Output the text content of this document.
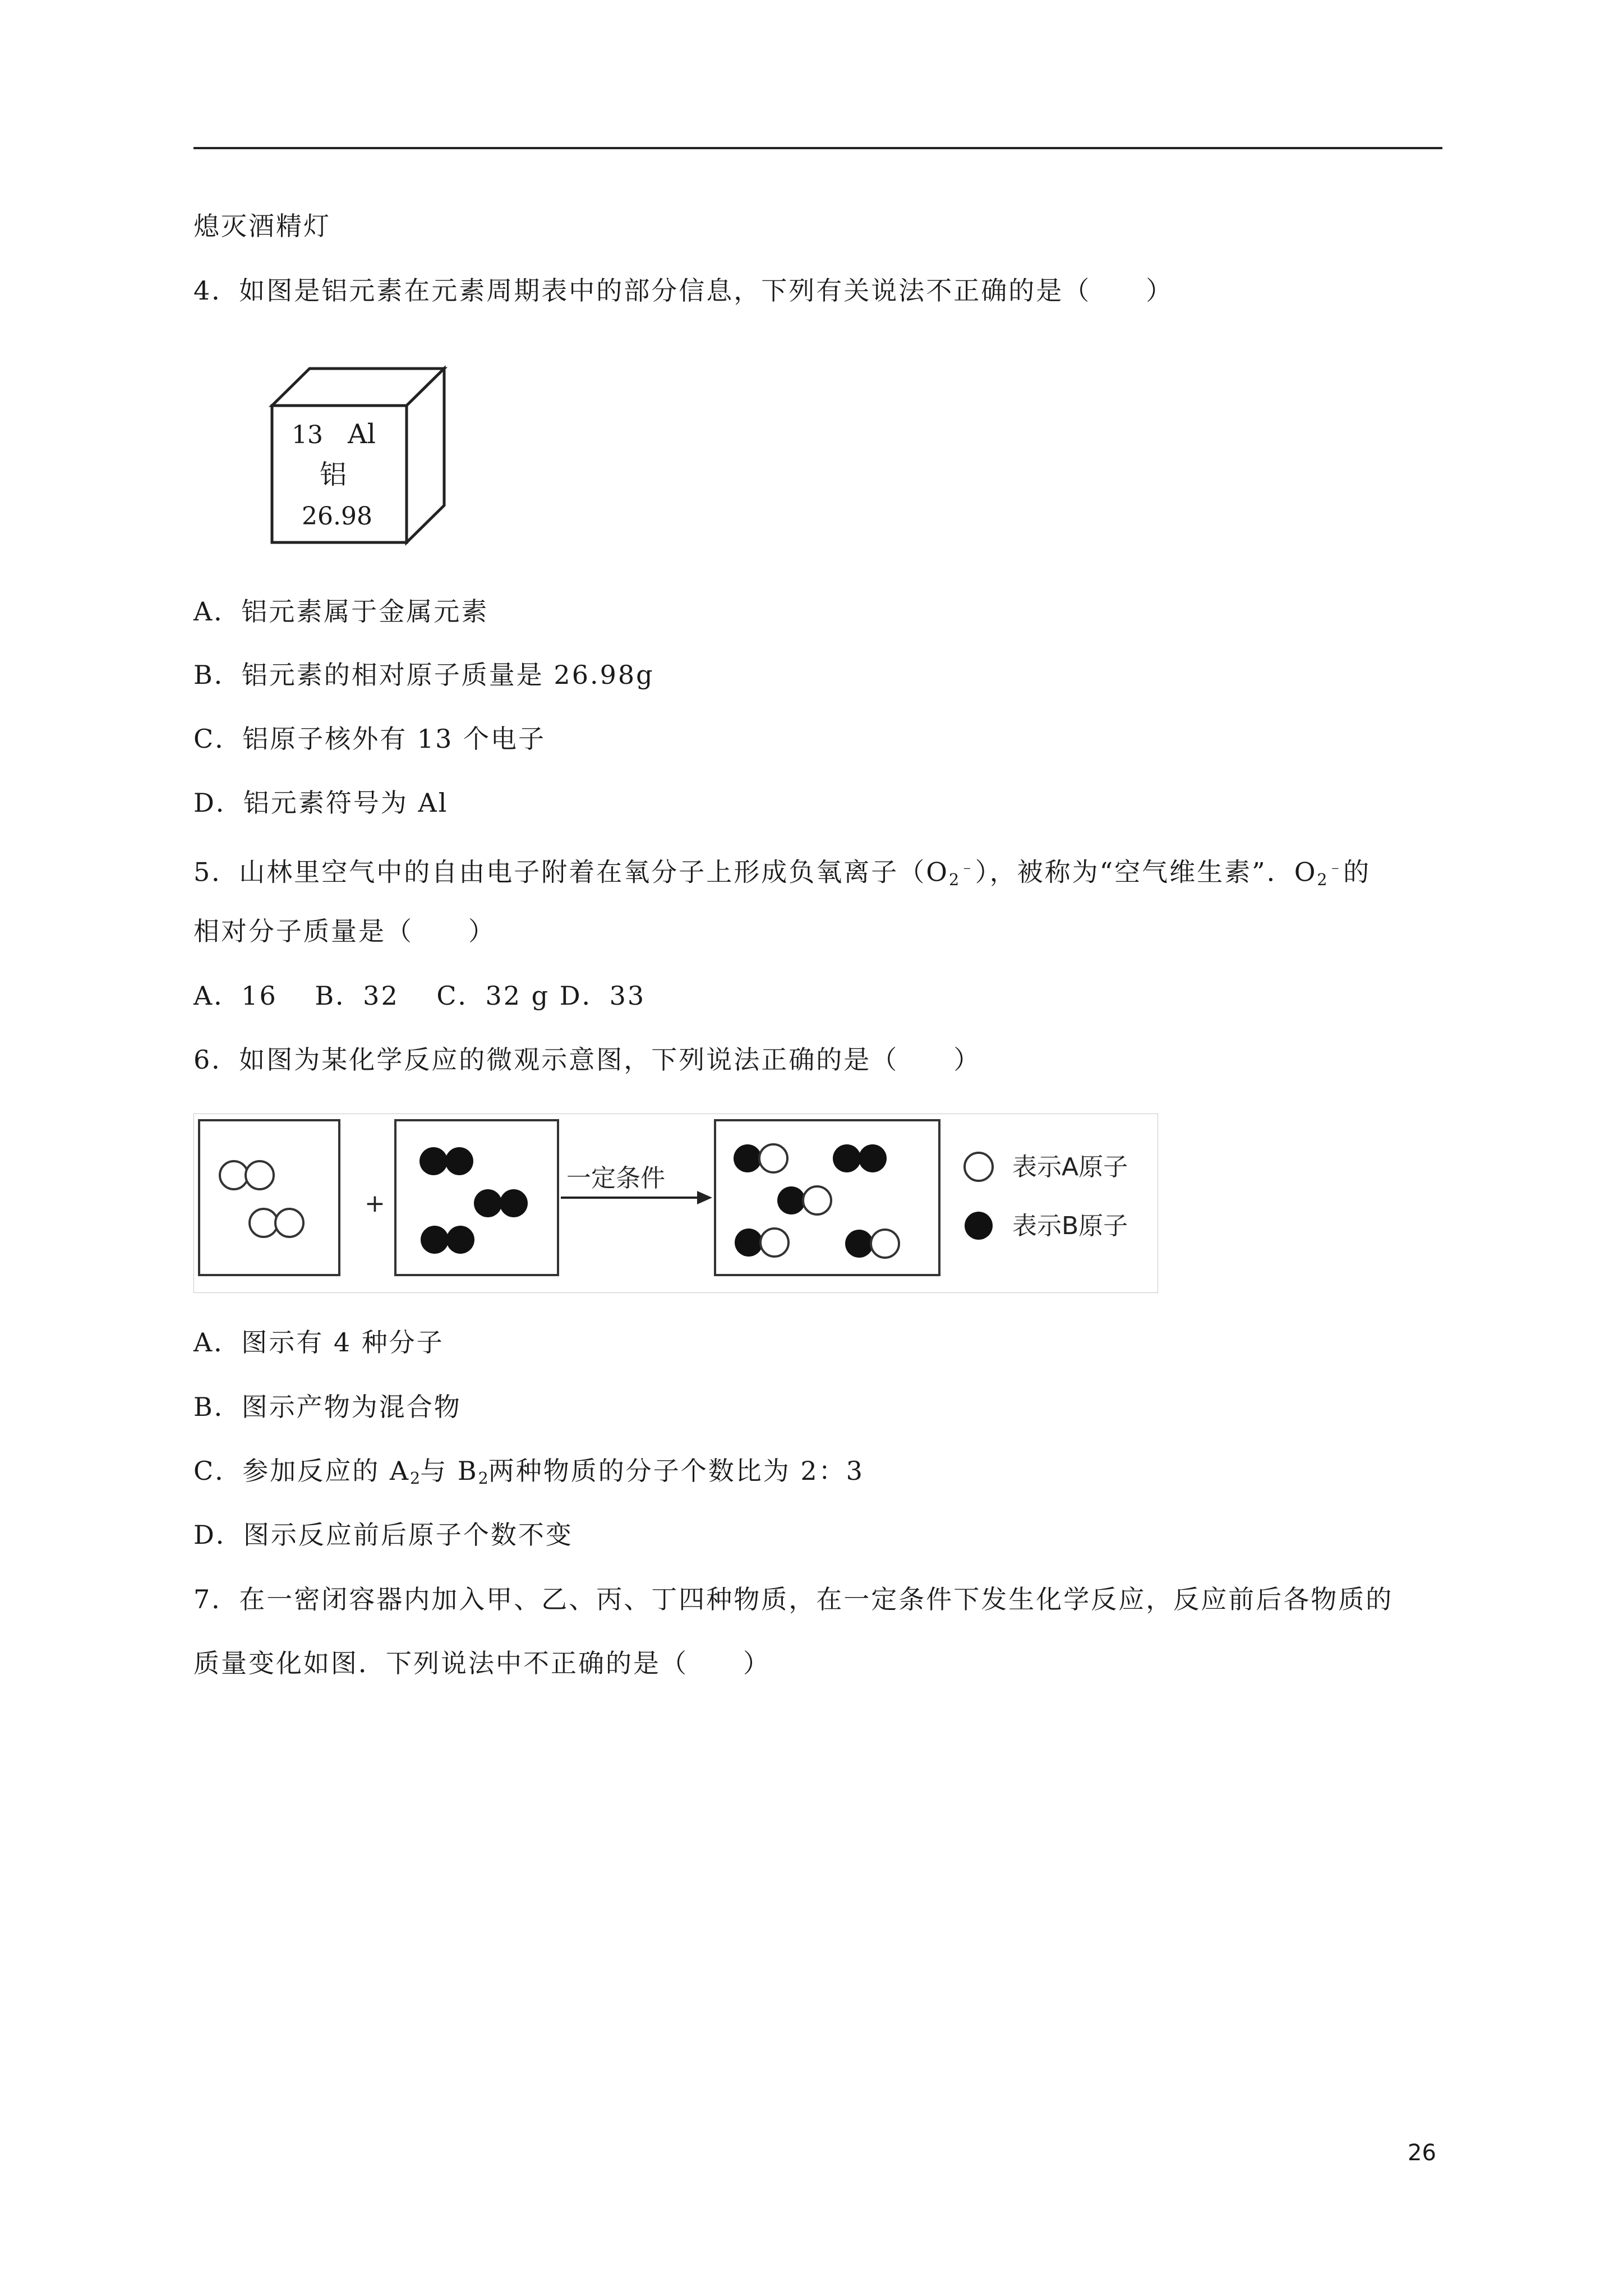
熄灭酒精灯
4．如图是铝元素在元素周期表中的部分信息，下列有关说法不正确的是（　　）
13 Al
铝
26.98
A．铝元素属于金属元素
B．铝元素的相对原子质量是 26.98g
C．铝原子核外有 13 个电子
D．铝元素符号为 Al
5．山林里空气中的自由电子附着在氧分子上形成负氧离子$(O_2^﹣)$，被称为“空气维生素”．$O_2^﹣$的
相对分子质量是（　　）
A．16　 B．32　 C．32 g D．33
6．如图为某化学反应的微观示意图，下列说法正确的是（　　）
+
一定条件	表示A原子
表示B原子
A．图示有 4 种分子
B．图示产物为混合物
C．参加反应的 $A_2$与 $B_2$两种物质的分子个数比为 2：3
D．图示反应前后原子个数不变
7．在一密闭容器内加入甲、乙、丙、丁四种物质，在一定条件下发生化学反应，反应前后各物质的
质量变化如图．下列说法中不正确的是（　　）
26
